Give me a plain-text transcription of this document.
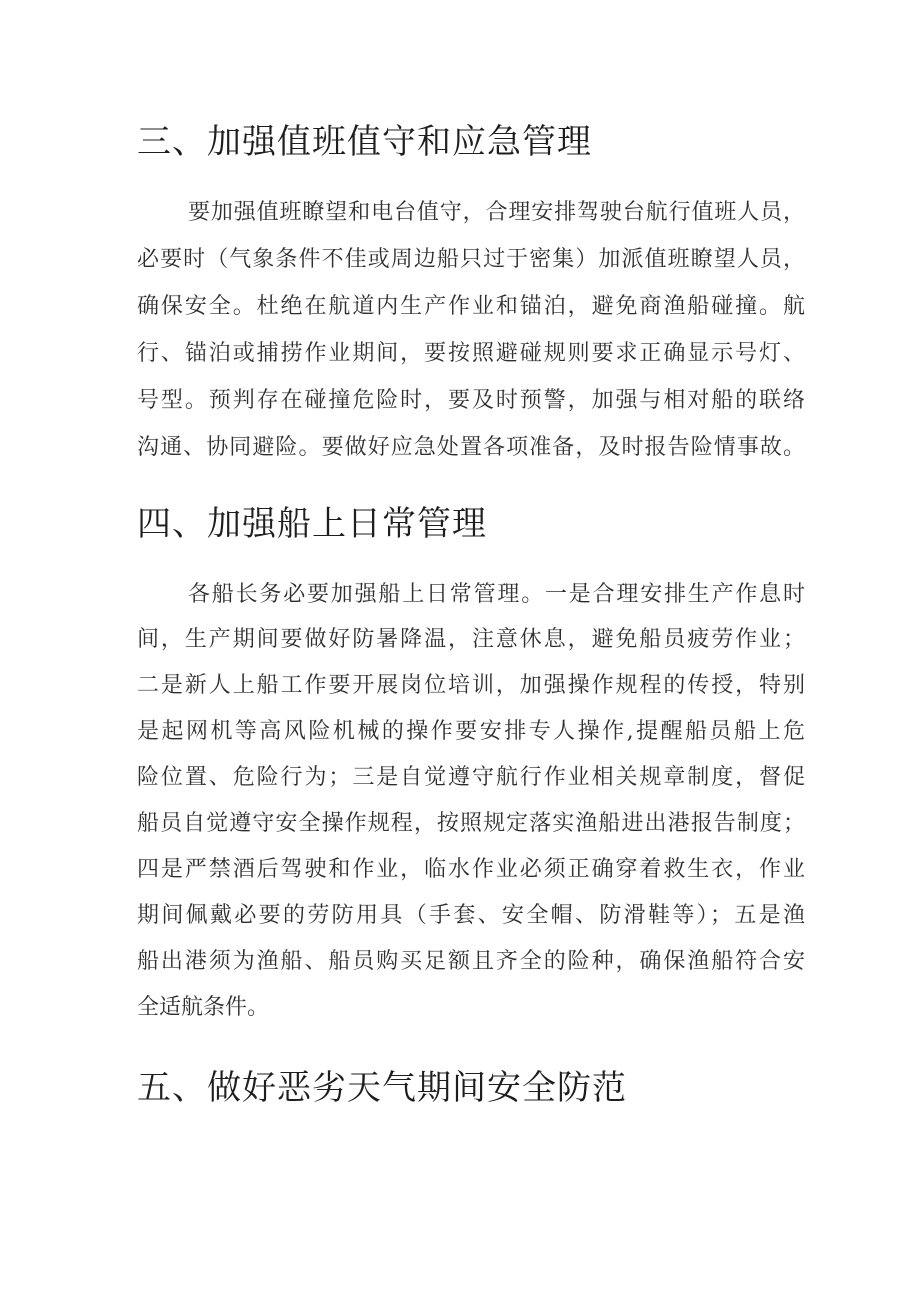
三、加强值班值守和应急管理

要加强值班瞭望和电台值守，合理安排驾驶台航行值班人员，

必要时（气象条件不佳或周边船只过于密集）加派值班瞭望人员，

确保安全。杜绝在航道内生产作业和锚泊，避免商渔船碰撞。航

行、锚泊或捕捞作业期间，要按照避碰规则要求正确显示号灯、

号型。预判存在碰撞危险时，要及时预警，加强与相对船的联络

沟通、协同避险。要做好应急处置各项准备，及时报告险情事故。

四、加强船上日常管理

各船长务必要加强船上日常管理。一是合理安排生产作息时

间，生产期间要做好防暑降温，注意休息，避免船员疲劳作业；

二是新人上船工作要开展岗位培训，加强操作规程的传授，特别

是起网机等高风险机械的操作要安排专人操作,提醒船员船上危

险位置、危险行为；三是自觉遵守航行作业相关规章制度，督促

船员自觉遵守安全操作规程，按照规定落实渔船进出港报告制度；

四是严禁酒后驾驶和作业，临水作业必须正确穿着救生衣，作业

期间佩戴必要的劳防用具（手套、安全帽、防滑鞋等）；五是渔

船出港须为渔船、船员购买足额且齐全的险种，确保渔船符合安

全适航条件。

五、做好恶劣天气期间安全防范
